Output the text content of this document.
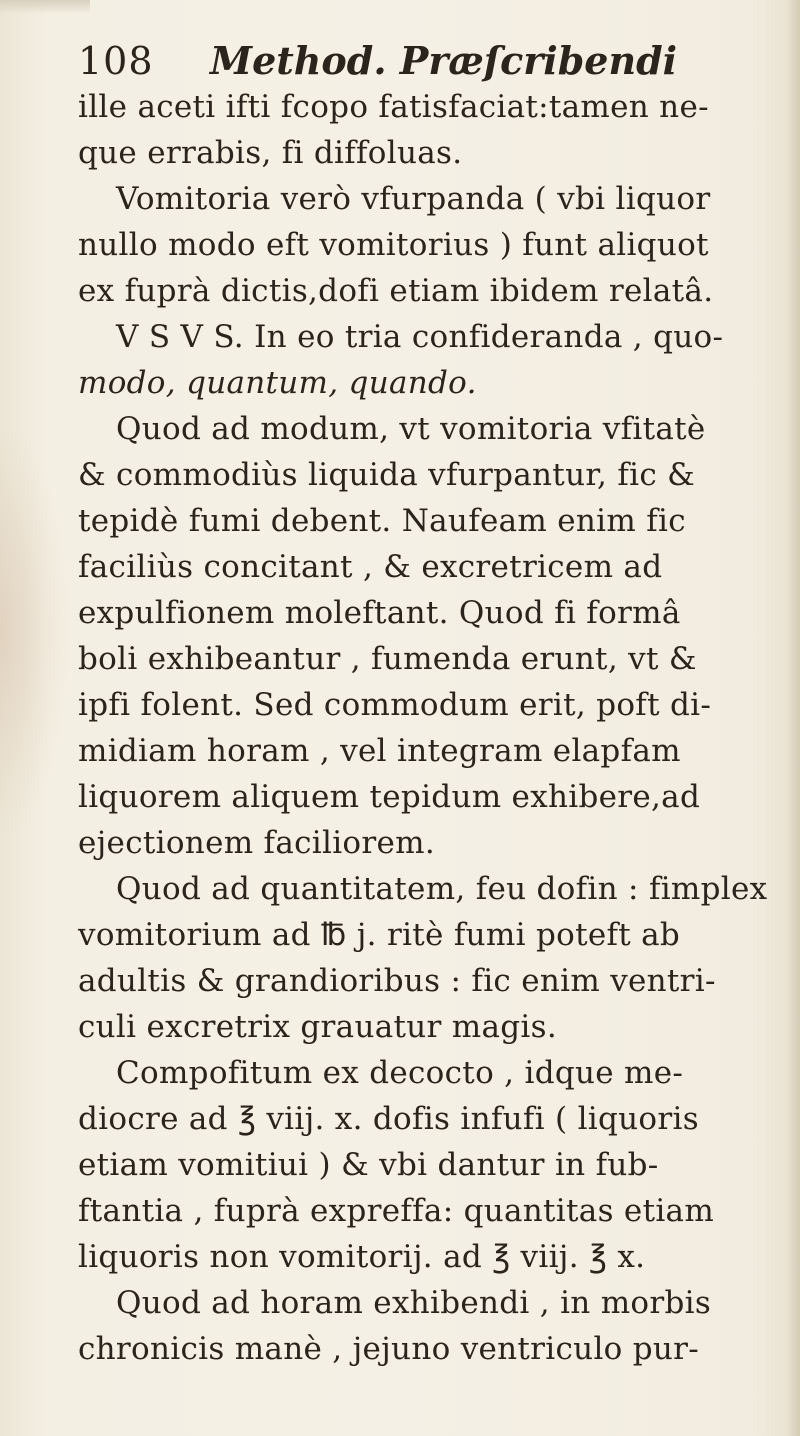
108 Method. Præſcribendi
ille aceti ifti fcopo fatisfaciat:tamen ne-
que errabis, fi diffoluas.
Vomitoria verò vfurpanda ( vbi liquor
nullo modo eft vomitorius ) funt aliquot
ex fuprà dictis,dofi etiam ibidem relatâ.
V S V S. In eo tria confideranda , quo-
modo, quantum, quando.
Quod ad modum, vt vomitoria vfitatè
& commodiùs liquida vfurpantur, fic &
tepidè fumi debent. Naufeam enim fic
faciliùs concitant , & excretricem ad
expulfionem moleftant. Quod fi formâ
boli exhibeantur , fumenda erunt, vt &
ipfi folent. Sed commodum erit, poft di-
midiam horam , vel integram elapfam
liquorem aliquem tepidum exhibere,ad
ejectionem faciliorem.
Quod ad quantitatem, feu dofin : fimplex
vomitorium ad ℔ j. ritè fumi poteft ab
adultis & grandioribus : fic enim ventri-
culi excretrix grauatur magis.
Compofitum ex decocto , idque me-
diocre ad ℥ viij. x. dofis infufi ( liquoris
etiam vomitiui ) & vbi dantur in fub-
ftantia , fuprà expreffa: quantitas etiam
liquoris non vomitorij. ad ℥ viij. ℥ x.
Quod ad horam exhibendi , in morbis
chronicis manè , jejuno ventriculo pur-
